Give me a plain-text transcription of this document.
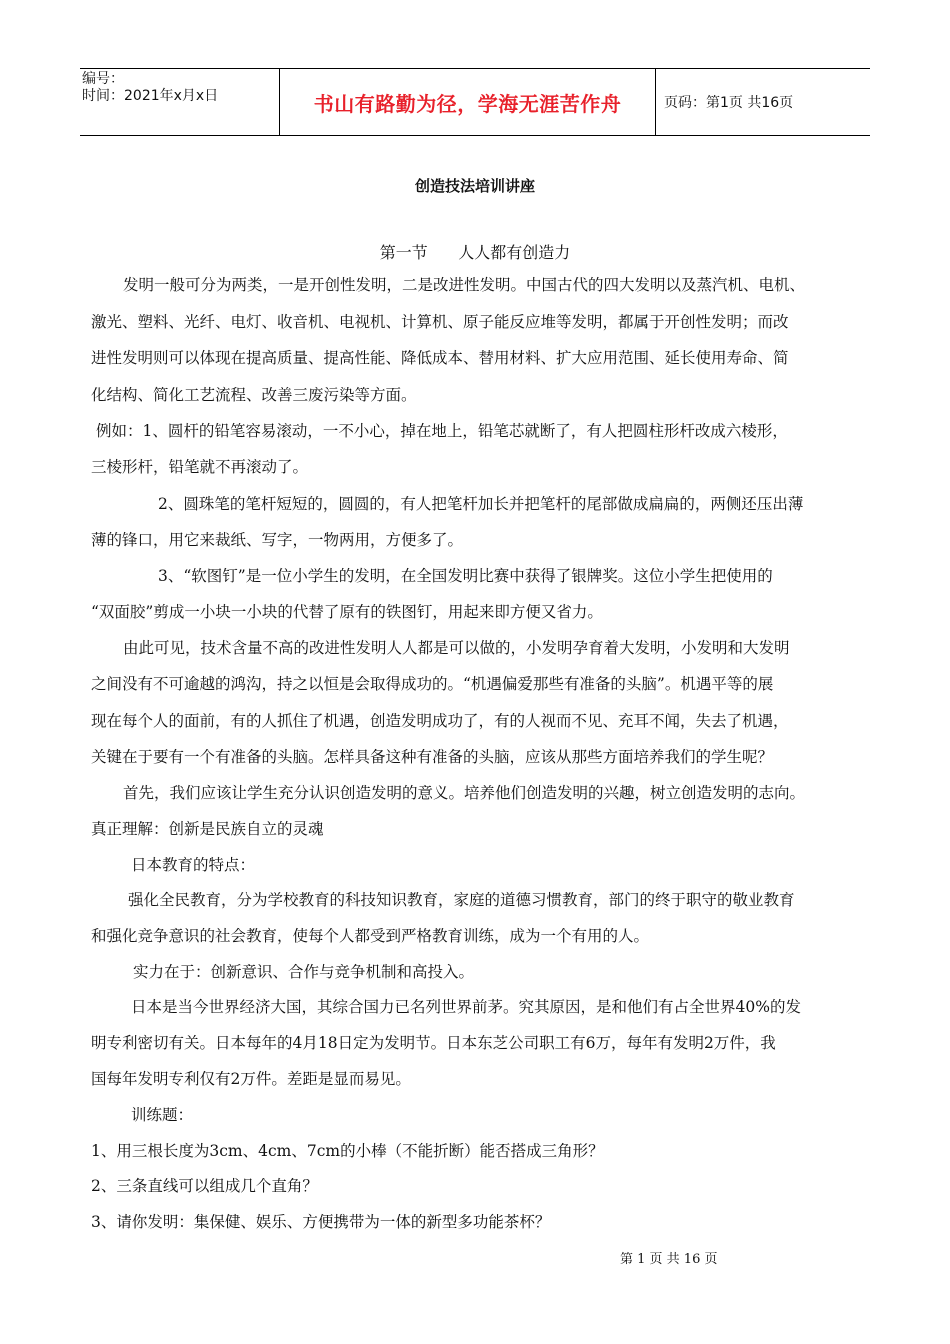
编号：
时间：2021年x月x日	书山有路勤为径，学海无涯苦作舟	页码：第1页 共16页
创造技法培训讲座
第一节      人人都有创造力
发明一般可分为两类，一是开创性发明，二是改进性发明。中国古代的四大发明以及蒸汽机、电机、
激光、塑料、光纤、电灯、收音机、电视机、计算机、原子能反应堆等发明，都属于开创性发明；而改
进性发明则可以体现在提高质量、提高性能、降低成本、替用材料、扩大应用范围、延长使用寿命、简
化结构、简化工艺流程、改善三废污染等方面。
例如：1、圆杆的铅笔容易滚动，一不小心，掉在地上，铅笔芯就断了，有人把圆柱形杆改成六棱形，
三棱形杆，铅笔就不再滚动了。
2、圆珠笔的笔杆短短的，圆圆的，有人把笔杆加长并把笔杆的尾部做成扁扁的，两侧还压出薄
薄的锋口，用它来裁纸、写字，一物两用，方便多了。
3、“软图钉”是一位小学生的发明，在全国发明比赛中获得了银牌奖。这位小学生把使用的
“双面胶”剪成一小块一小块的代替了原有的铁图钉，用起来即方便又省力。
由此可见，技术含量不高的改进性发明人人都是可以做的，小发明孕育着大发明，小发明和大发明
之间没有不可逾越的鸿沟，持之以恒是会取得成功的。“机遇偏爱那些有准备的头脑”。机遇平等的展
现在每个人的面前，有的人抓住了机遇，创造发明成功了，有的人视而不见、充耳不闻，失去了机遇，
关键在于要有一个有准备的头脑。怎样具备这种有准备的头脑，应该从那些方面培养我们的学生呢？
首先，我们应该让学生充分认识创造发明的意义。培养他们创造发明的兴趣，树立创造发明的志向。
真正理解：创新是民族自立的灵魂
日本教育的特点：
强化全民教育，分为学校教育的科技知识教育，家庭的道德习惯教育，部门的终于职守的敬业教育
和强化竞争意识的社会教育，使每个人都受到严格教育训练，成为一个有用的人。
实力在于：创新意识、合作与竞争机制和高投入。
日本是当今世界经济大国，其综合国力已名列世界前茅。究其原因，是和他们有占全世界40%的发
明专利密切有关。日本每年的4月18日定为发明节。日本东芝公司职工有6万，每年有发明2万件，我
国每年发明专利仅有2万件。差距是显而易见。
训练题：
1、用三根长度为3cm、4cm、7cm的小棒（不能折断）能否搭成三角形？
2、三条直线可以组成几个直角？
3、请你发明：集保健、娱乐、方便携带为一体的新型多功能茶杯？
第 1 页 共 16 页
